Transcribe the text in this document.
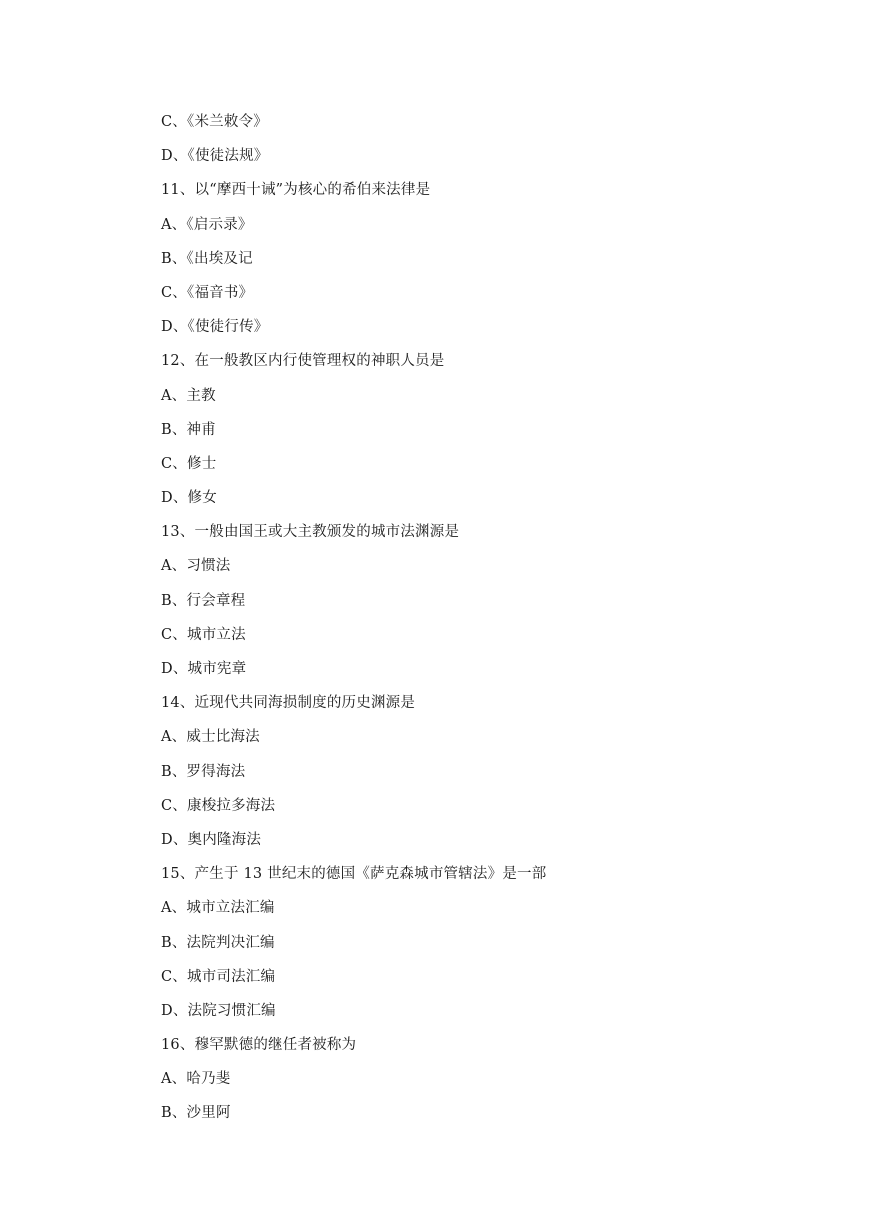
C、《米兰敕令》
D、《使徒法规》
11、以“摩西十诫”为核心的希伯来法律是
A、《启示录》
B、《出埃及记
C、《福音书》
D、《使徒行传》
12、在一般教区内行使管理权的神职人员是
A、主教
B、神甫
C、修士
D、修女
13、一般由国王或大主教颁发的城市法渊源是
A、习惯法
B、行会章程
C、城市立法
D、城市宪章
14、近现代共同海损制度的历史渊源是
A、威士比海法
B、罗得海法
C、康梭拉多海法
D、奥内隆海法
15、产生于 13 世纪末的德国《萨克森城市管辖法》是一部
A、城市立法汇编
B、法院判决汇编
C、城市司法汇编
D、法院习惯汇编
16、穆罕默德的继任者被称为
A、哈乃斐
B、沙里阿
